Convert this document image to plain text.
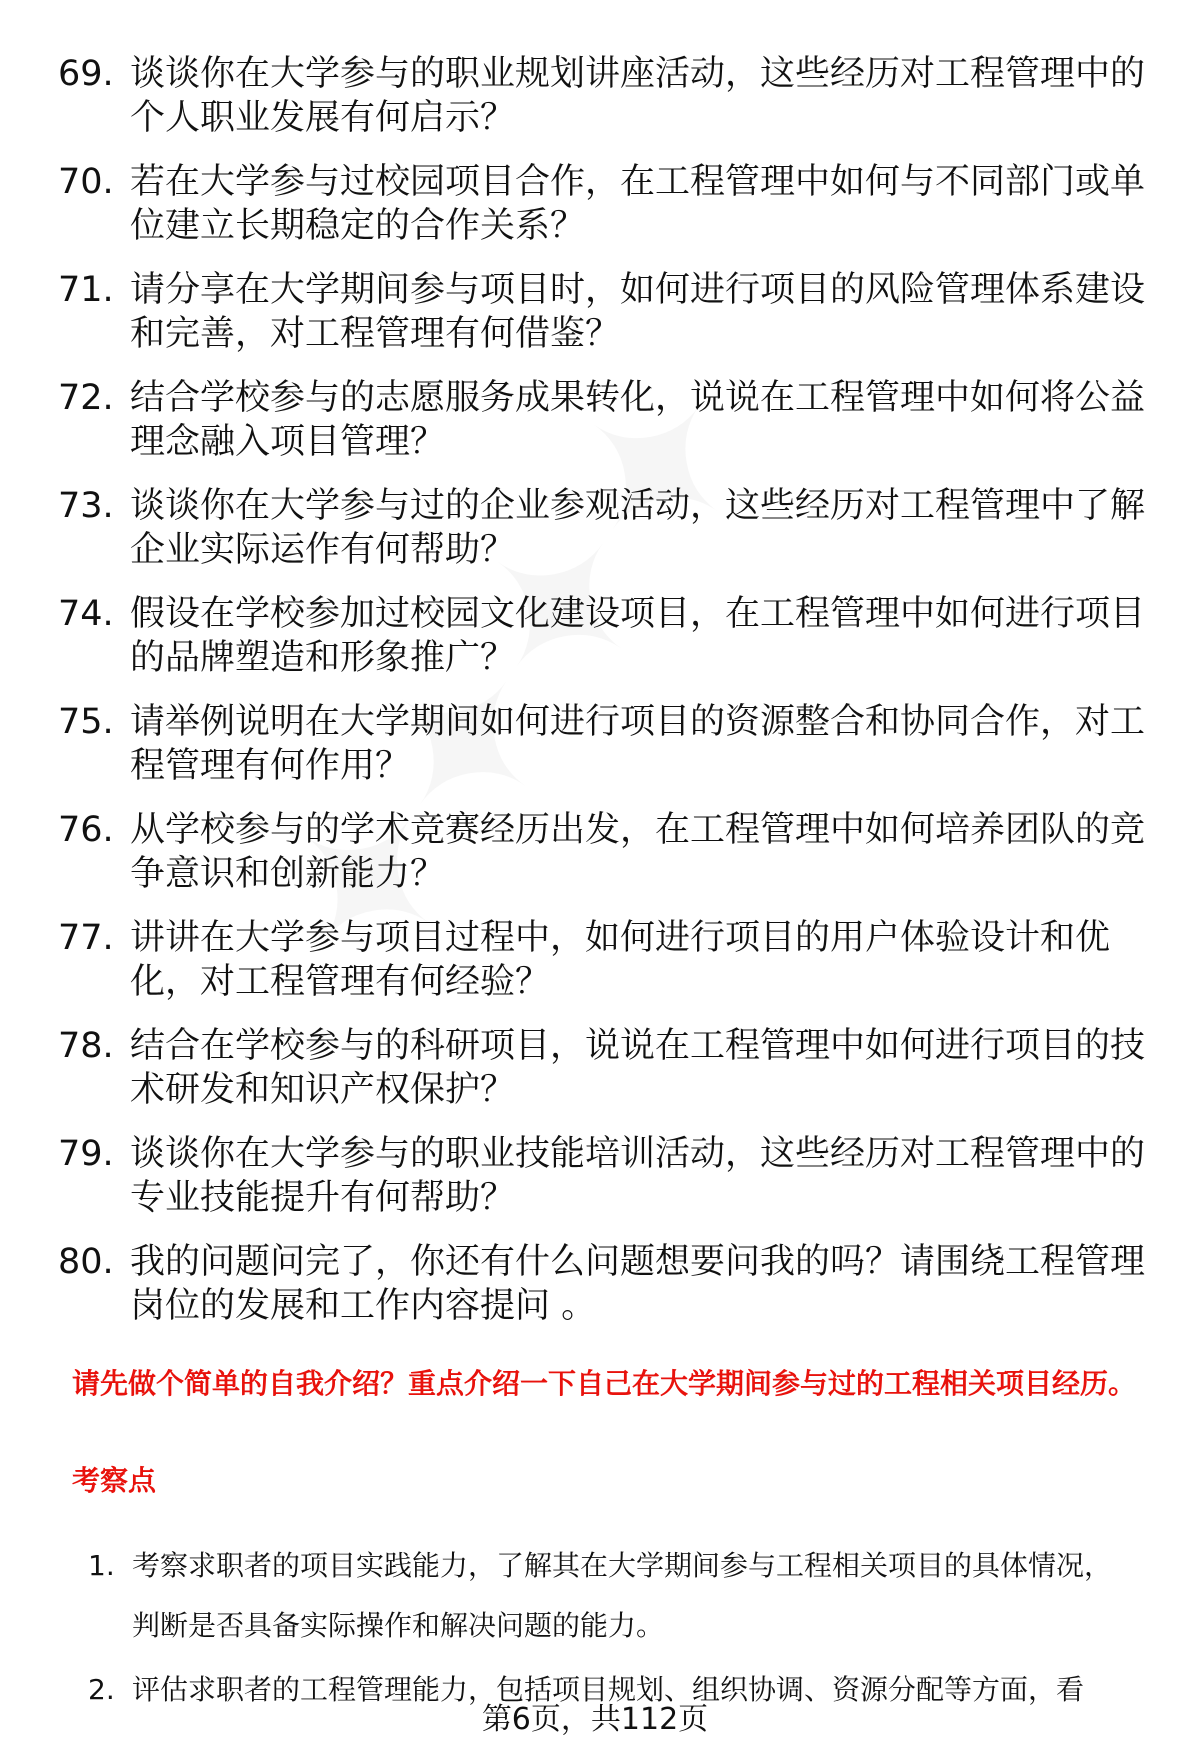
69. 谈谈你在大学参与的职业规划讲座活动，这些经历对工程管理中的个人职业发展有何启示？
70. 若在大学参与过校园项目合作，在工程管理中如何与不同部门或单位建立长期稳定的合作关系？
71. 请分享在大学期间参与项目时，如何进行项目的风险管理体系建设和完善，对工程管理有何借鉴？
72. 结合学校参与的志愿服务成果转化，说说在工程管理中如何将公益理念融入项目管理？
73. 谈谈你在大学参与过的企业参观活动，这些经历对工程管理中了解企业实际运作有何帮助？
74. 假设在学校参加过校园文化建设项目，在工程管理中如何进行项目的品牌塑造和形象推广？
75. 请举例说明在大学期间如何进行项目的资源整合和协同合作，对工程管理有何作用？
76. 从学校参与的学术竞赛经历出发，在工程管理中如何培养团队的竞争意识和创新能力？
77. 讲讲在大学参与项目过程中，如何进行项目的用户体验设计和优化，对工程管理有何经验？
78. 结合在学校参与的科研项目，说说在工程管理中如何进行项目的技术研发和知识产权保护？
79. 谈谈你在大学参与的职业技能培训活动，这些经历对工程管理中的专业技能提升有何帮助？
80. 我的问题问完了，你还有什么问题想要问我的吗？请围绕工程管理岗位的发展和工作内容提问 。
请先做个简单的自我介绍？重点介绍一下自己在大学期间参与过的工程相关项目经历。
考察点
1. 考察求职者的项目实践能力，了解其在大学期间参与工程相关项目的具体情况，判断是否具备实际操作和解决问题的能力。
2. 评估求职者的工程管理能力，包括项目规划、组织协调、资源分配等方面，看
第6页，共112页
